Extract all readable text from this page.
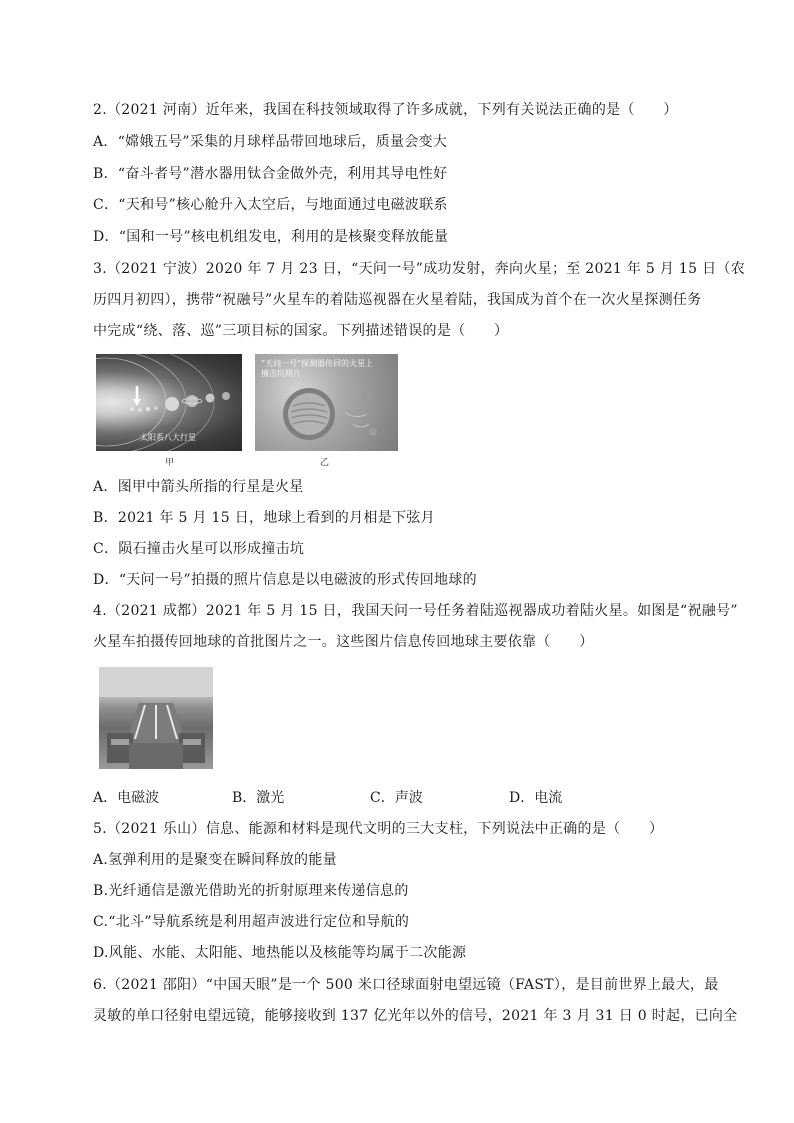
2.（2021 河南）近年来，我国在科技领域取得了许多成就，下列有关说法正确的是（　　）
A．“嫦娥五号”采集的月球样品带回地球后，质量会变大
B．“奋斗者号”潜水器用钛合金做外壳，利用其导电性好
C．“天和号”核心舱升入太空后，与地面通过电磁波联系
D．“国和一号”核电机组发电，利用的是核聚变释放能量
3.（2021 宁波）2020 年 7 月 23 日，“天问一号”成功发射，奔向火星；至 2021 年 5 月 15 日（农
历四月初四），携带“祝融号”火星车的着陆巡视器在火星着陆，我国成为首个在一次火星探测任务
中完成“绕、落、巡”三项目标的国家。下列描述错误的是（　　）
太阳系八大行星
甲
“天问一号”探测器传回的火星上
撞击坑照片
乙
A．图甲中箭头所指的行星是火星
B．2021 年 5 月 15 日，地球上看到的月相是下弦月
C．陨石撞击火星可以形成撞击坑
D．“天问一号”拍摄的照片信息是以电磁波的形式传回地球的
4.（2021 成都）2021 年 5 月 15 日，我国天问一号任务着陆巡视器成功着陆火星。如图是“祝融号”
火星车拍摄传回地球的首批图片之一。这些图片信息传回地球主要依靠（　　）
A．电磁波	B．激光	C．声波	D．电流
5.（2021 乐山）信息、能源和材料是现代文明的三大支柱，下列说法中正确的是（　　）
A.氢弹利用的是聚变在瞬间释放的能量
B.光纤通信是激光借助光的折射原理来传递信息的
C.“北斗”导航系统是利用超声波进行定位和导航的
D.风能、水能、太阳能、地热能以及核能等均属于二次能源
6.（2021 邵阳）“中国天眼”是一个 500 米口径球面射电望远镜（FAST），是目前世界上最大，最
灵敏的单口径射电望远镜，能够接收到 137 亿光年以外的信号，2021 年 3 月 31 日 0 时起，已向全
